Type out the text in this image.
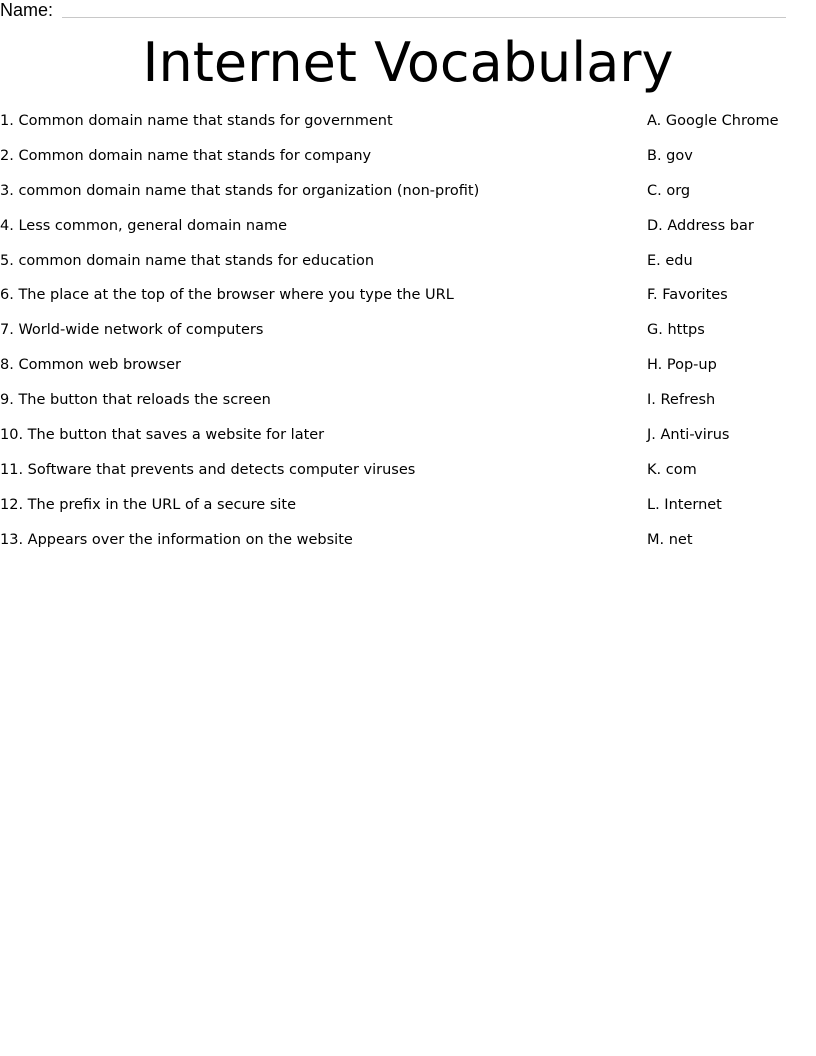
Name:
Internet Vocabulary
1. Common domain name that stands for government
2. Common domain name that stands for company
3. common domain name that stands for organization (non-profit)
4. Less common, general domain name
5. common domain name that stands for education
6. The place at the top of the browser where you type the URL
7. World-wide network of computers
8. Common web browser
9. The button that reloads the screen
10. The button that saves a website for later
11. Software that prevents and detects computer viruses
12. The prefix in the URL of a secure site
13. Appears over the information on the website
A. Google Chrome
B. gov
C. org
D. Address bar
E. edu
F. Favorites
G. https
H. Pop-up
I. Refresh
J. Anti-virus
K. com
L. Internet
M. net
